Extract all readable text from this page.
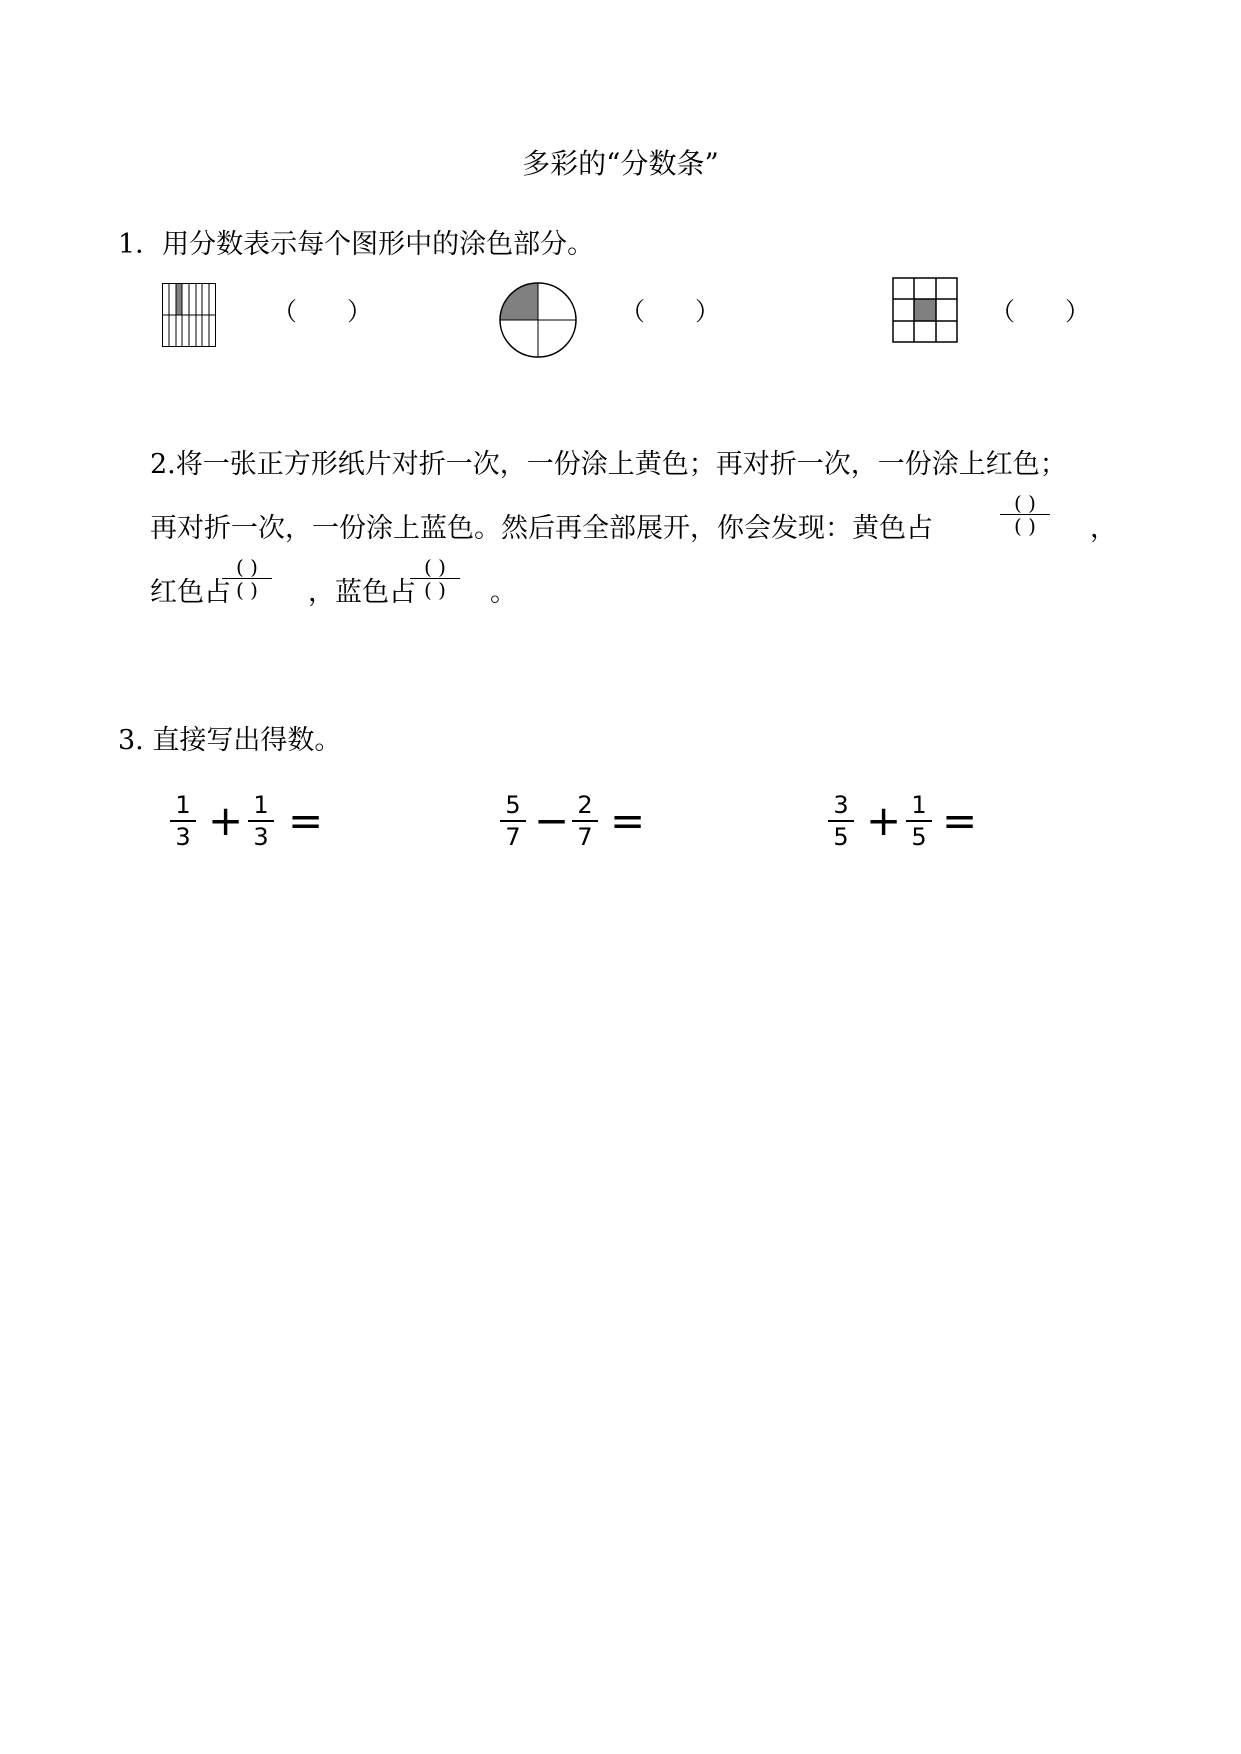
多彩的“分数条”
1．用分数表示每个图形中的涂色部分。
（　　）	（　　）	（　　）
2.将一张正方形纸片对折一次，一份涂上黄色；再对折一次，一份涂上红色；
再对折一次，一份涂上蓝色。然后再全部展开，你会发现：黄色占
( )
( )	，
红色占
( )
( )	，蓝色占
( )
( )	。
3. 直接写出得数。
1
3 + 1
3 =	5
7 − 2
7 =	3
5 + 1
5 =
